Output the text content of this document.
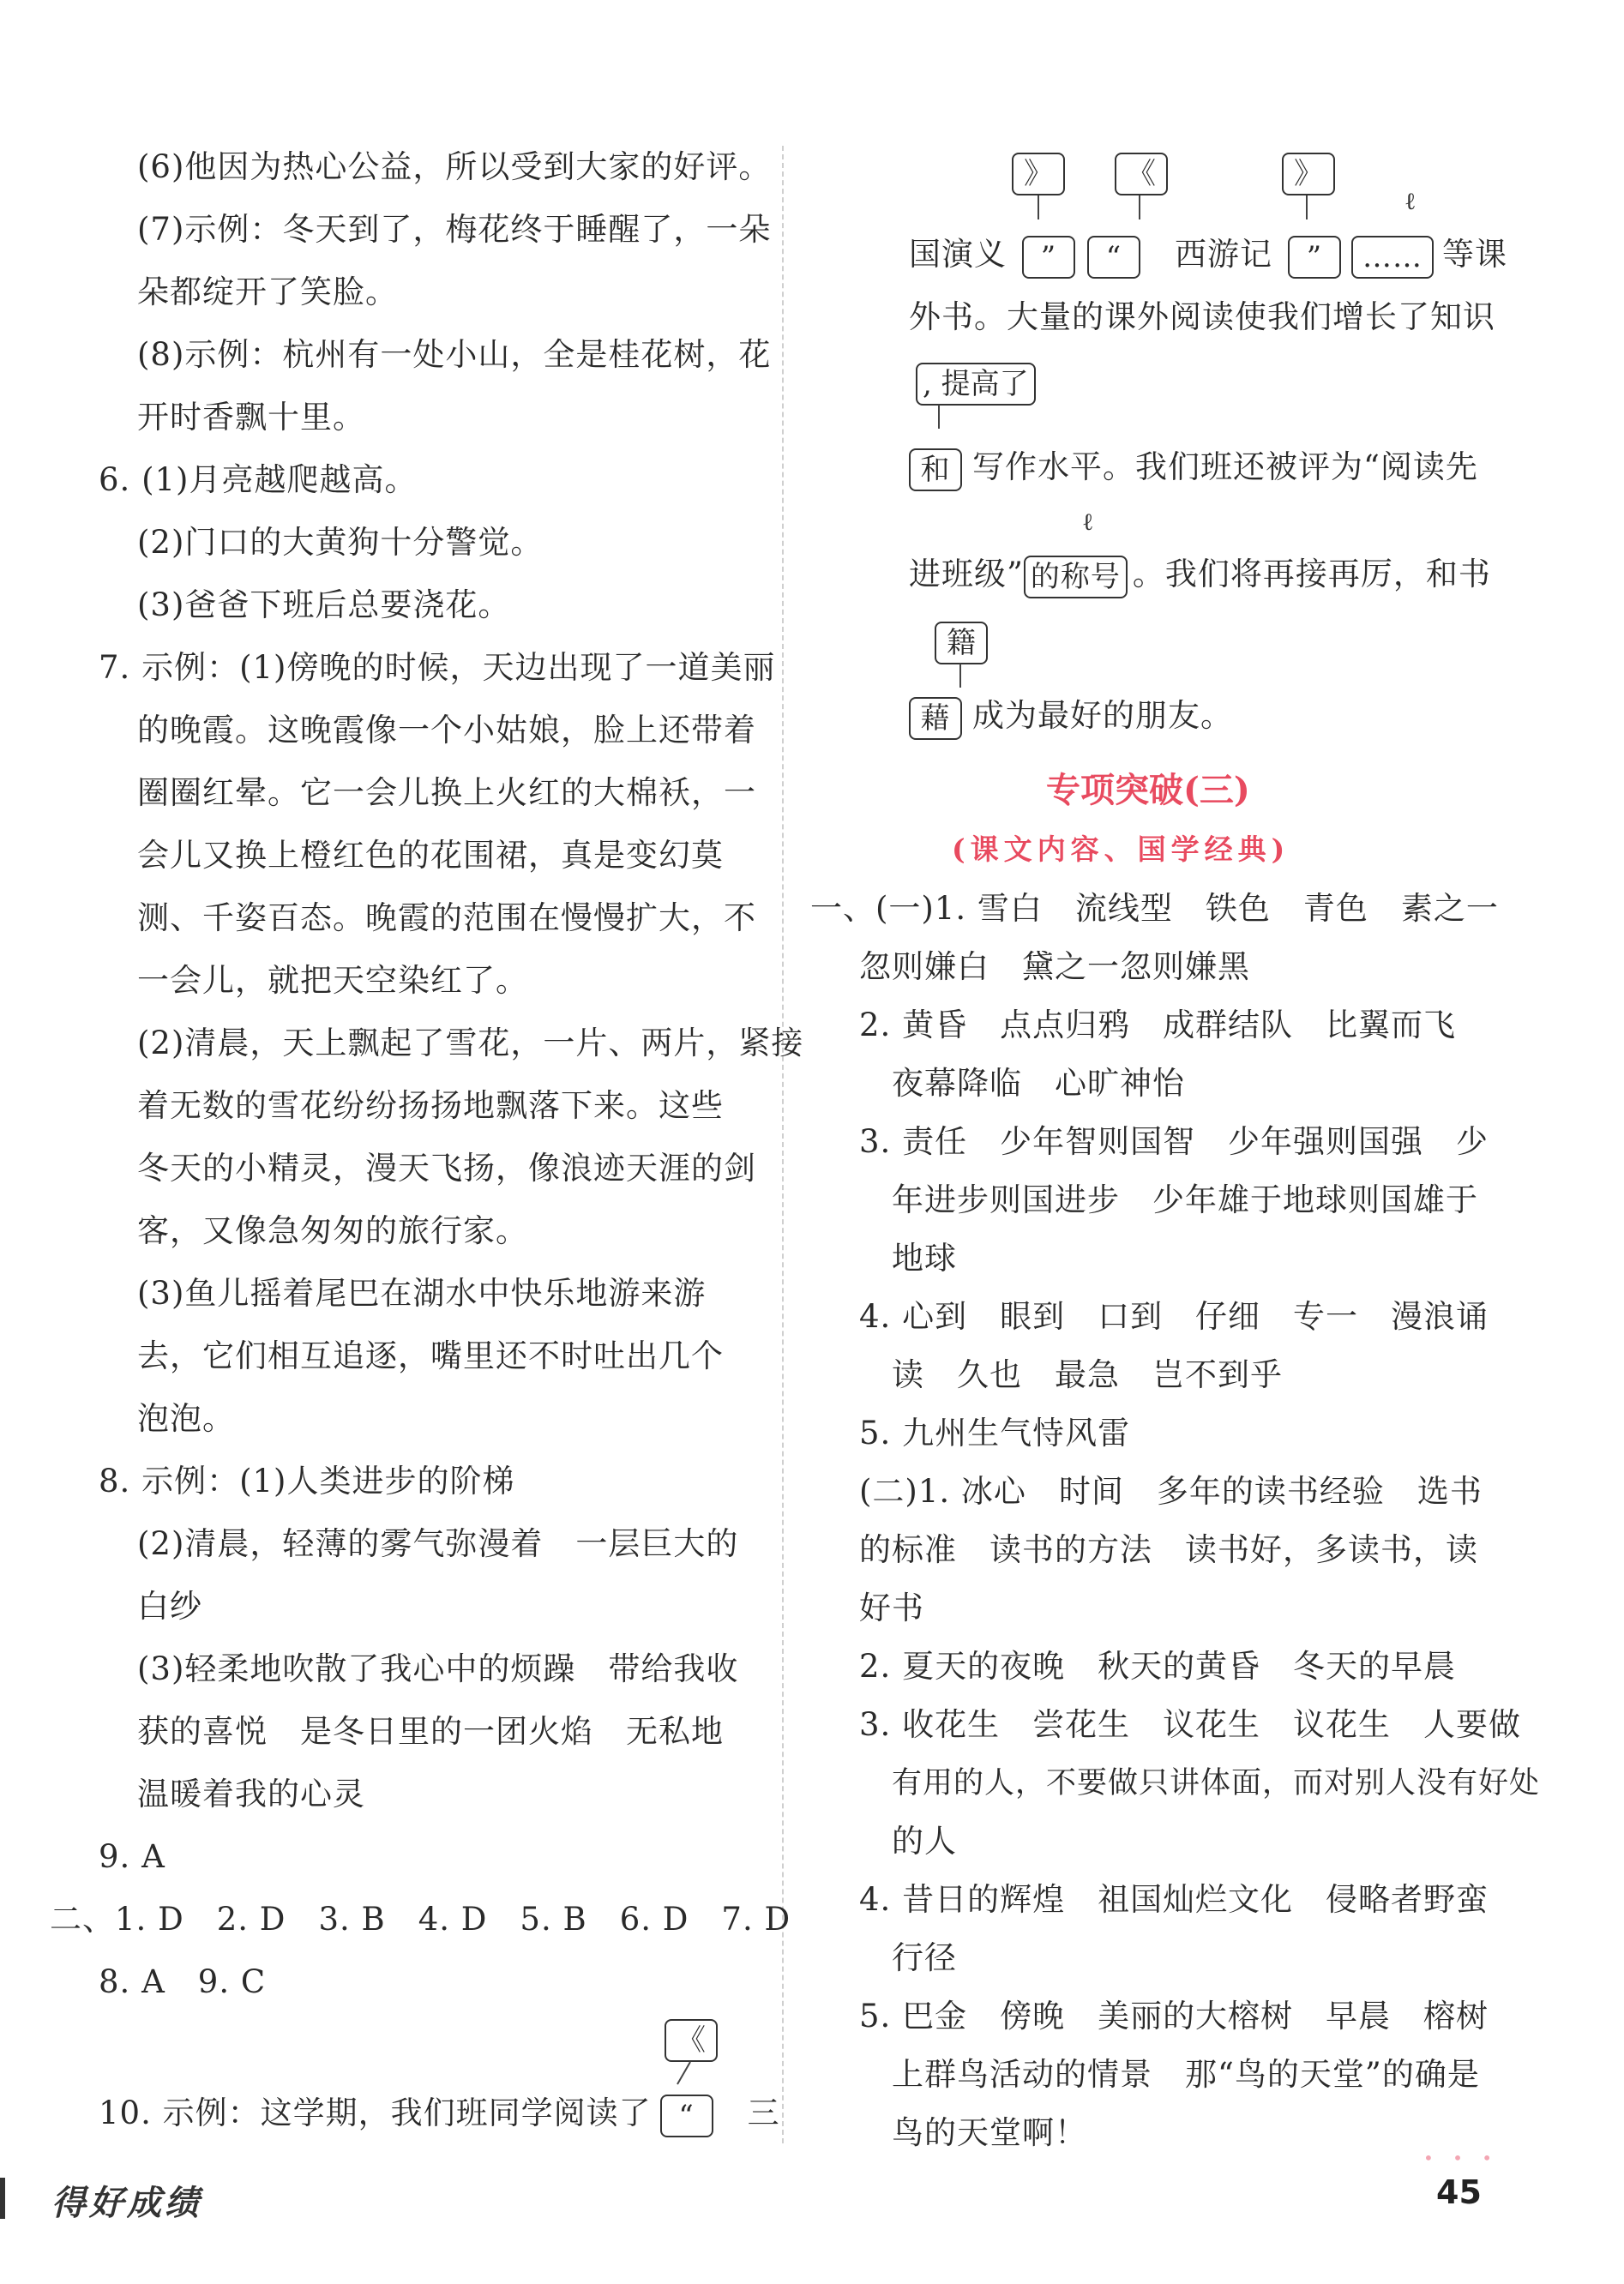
(6)他因为热心公益，所以受到大家的好评。
(7)示例：冬天到了，梅花终于睡醒了，一朵
朵都绽开了笑脸。
(8)示例：杭州有一处小山，全是桂花树，花
开时香飘十里。
6. (1)月亮越爬越高。
(2)门口的大黄狗十分警觉。
(3)爸爸下班后总要浇花。
7. 示例：(1)傍晚的时候，天边出现了一道美丽
的晚霞。这晚霞像一个小姑娘，脸上还带着
圈圈红晕。它一会儿换上火红的大棉袄，一
会儿又换上橙红色的花围裙，真是变幻莫
测、千姿百态。晚霞的范围在慢慢扩大，不
一会儿，就把天空染红了。
(2)清晨，天上飘起了雪花，一片、两片，紧接
着无数的雪花纷纷扬扬地飘落下来。这些
冬天的小精灵，漫天飞扬，像浪迹天涯的剑
客，又像急匆匆的旅行家。
(3)鱼儿摇着尾巴在湖水中快乐地游来游
去，它们相互追逐，嘴里还不时吐出几个
泡泡。
8. 示例：(1)人类进步的阶梯
(2)清晨，轻薄的雾气弥漫着　一层巨大的
白纱
(3)轻柔地吹散了我心中的烦躁　带给我收
获的喜悦　是冬日里的一团火焰　无私地
温暖着我的心灵
9. A
二、1. D　2. D　3. B　4. D　5. B　6. D　7. D
8. A　9. C
《
10. 示例：这学期，我们班同学阅读了 “ 三
》	《	》
ℓ
国演义 ” “ 西游记 ” …… 等课
外书。大量的课外阅读使我们增长了知识
, 提高了
和 写作水平。我们班还被评为“阅读先
ℓ
进班级” 的称号 。我们将再接再厉，和书
籍
藉 成为最好的朋友。
专项突破(三)
(课文内容、国学经典)
一、(一)1. 雪白　流线型　铁色　青色　素之一
忽则嫌白　黛之一忽则嫌黑
2. 黄昏　点点归鸦　成群结队　比翼而飞
夜幕降临　心旷神怡
3. 责任　少年智则国智　少年强则国强　少
年进步则国进步　少年雄于地球则国雄于
地球
4. 心到　眼到　口到　仔细　专一　漫浪诵
读　久也　最急　岂不到乎
5. 九州生气恃风雷
(二)1. 冰心　时间　多年的读书经验　选书
的标准　读书的方法　读书好，多读书，读
好书
2. 夏天的夜晚　秋天的黄昏　冬天的早晨
3. 收花生　尝花生　议花生　议花生　人要做
有用的人，不要做只讲体面，而对别人没有好处
的人
4. 昔日的辉煌　祖国灿烂文化　侵略者野蛮
行径
5. 巴金　傍晚　美丽的大榕树　早晨　榕树
上群鸟活动的情景　那“鸟的天堂”的确是
鸟的天堂啊！
得好成绩
• • •
45
